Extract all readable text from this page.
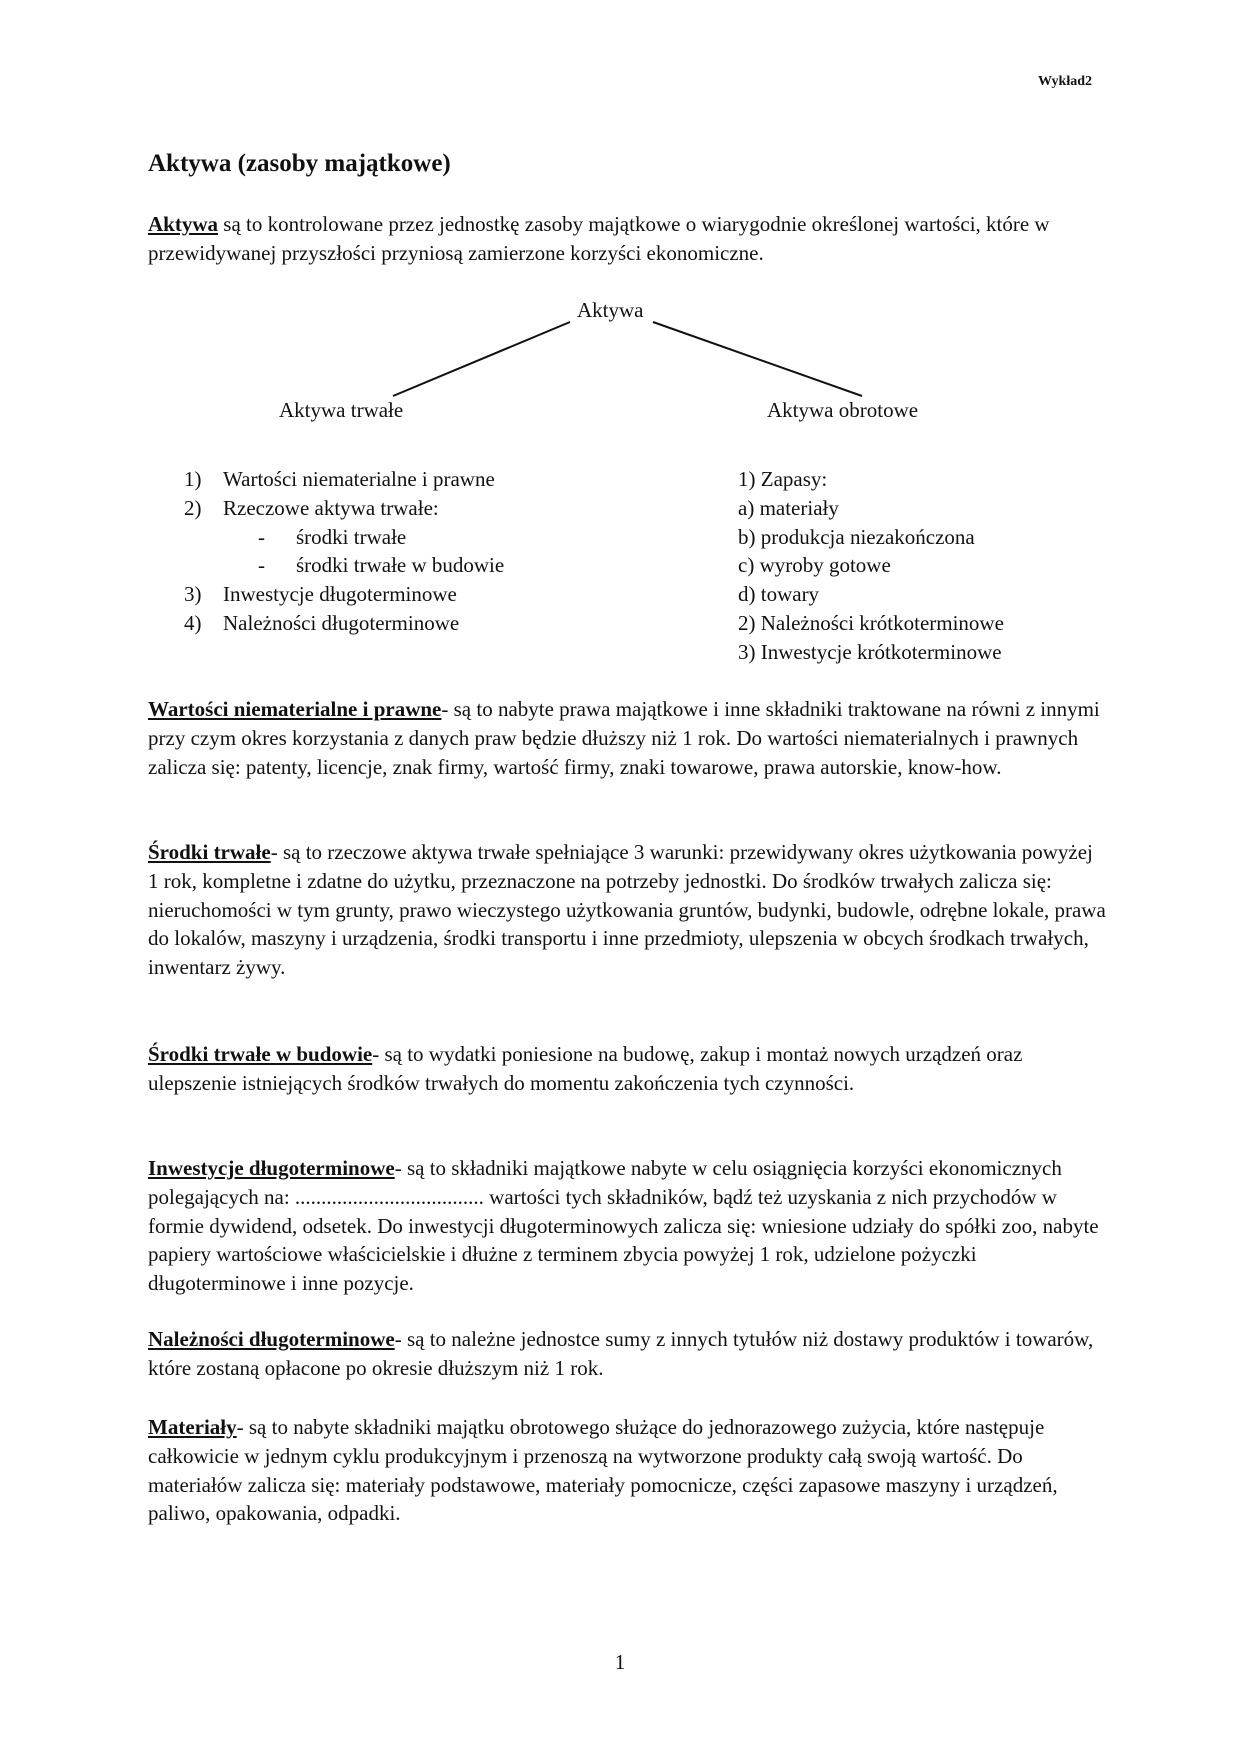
Wykład2
Aktywa (zasoby majątkowe)

Aktywa są to kontrolowane przez jednostkę zasoby majątkowe o wiarygodnie określonej wartości, które w przewidywanej przyszłości przyniosą zamierzone korzyści ekonomiczne.

Aktywa
Aktywa trwałe	Aktywa obrotowe
1)	Wartości niematerialne i prawne
2)	Rzeczowe aktywa trwałe:
-	środki trwałe
-	środki trwałe w budowie
3)	Inwestycje długoterminowe
4)	Należności długoterminowe
1) Zapasy:
a) materiały
b) produkcja niezakończona
c) wyroby gotowe
d) towary
2) Należności krótkoterminowe
3) Inwestycje krótkoterminowe

Wartości niematerialne i prawne- są to nabyte prawa majątkowe i inne składniki traktowane na równi z innymi przy czym okres korzystania z danych praw będzie dłuższy niż 1 rok. Do wartości niematerialnych i prawnych zalicza się: patenty, licencje, znak firmy, wartość firmy, znaki towarowe, prawa autorskie, know-how.

Środki trwałe- są to rzeczowe aktywa trwałe spełniające 3 warunki: przewidywany okres użytkowania powyżej 1 rok, kompletne i zdatne do użytku, przeznaczone na potrzeby jednostki. Do środków trwałych zalicza się: nieruchomości w tym grunty, prawo wieczystego użytkowania gruntów, budynki, budowle, odrębne lokale, prawa do lokalów, maszyny i urządzenia, środki transportu i inne przedmioty, ulepszenia w obcych środkach trwałych, inwentarz żywy.

Środki trwałe w budowie- są to wydatki poniesione na budowę, zakup i montaż nowych urządzeń oraz ulepszenie istniejących środków trwałych do momentu zakończenia tych czynności.

Inwestycje długoterminowe- są to składniki majątkowe nabyte w celu osiągnięcia korzyści ekonomicznych polegających na: .................................... wartości tych składników, bądź też uzyskania z nich przychodów w formie dywidend, odsetek. Do inwestycji długoterminowych zalicza się: wniesione udziały do spółki zoo, nabyte papiery wartościowe właścicielskie i dłużne z terminem zbycia powyżej 1 rok, udzielone pożyczki długoterminowe i inne pozycje.

Należności długoterminowe- są to należne jednostce sumy z innych tytułów niż dostawy produktów i towarów, które zostaną opłacone po okresie dłuższym niż 1 rok.

Materiały- są to nabyte składniki majątku obrotowego służące do jednorazowego zużycia, które następuje całkowicie w jednym cyklu produkcyjnym i przenoszą na wytworzone produkty całą swoją wartość. Do materiałów zalicza się: materiały podstawowe, materiały pomocnicze, części zapasowe maszyny i urządzeń, paliwo, opakowania, odpadki.

1
